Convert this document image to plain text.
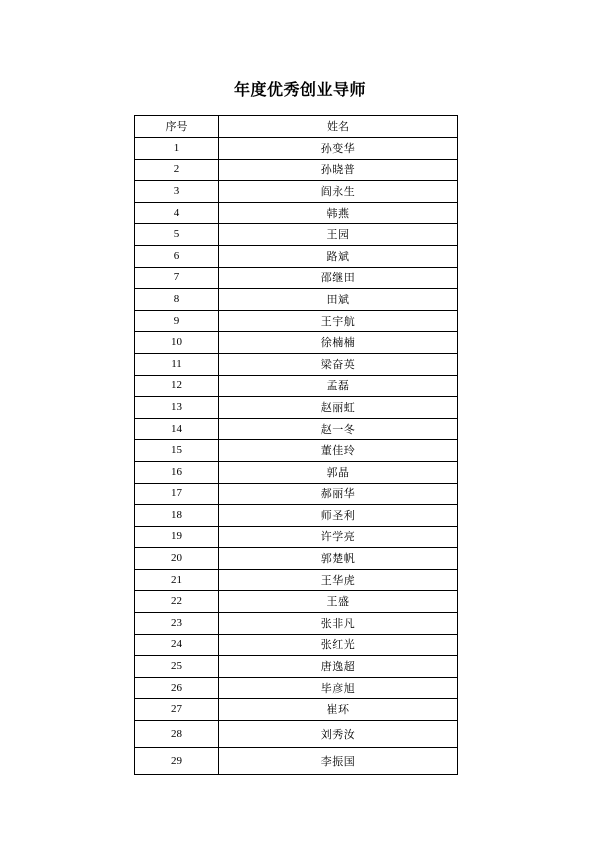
年度优秀创业导师
序号	姓名
1	孙变华
2	孙晓普
3	阎永生
4	韩燕
5	王园
6	路斌
7	邵继田
8	田斌
9	王宇航
10	徐楠楠
11	梁奋英
12	孟磊
13	赵丽虹
14	赵一冬
15	董佳玲
16	郭晶
17	郝丽华
18	师圣利
19	许学亮
20	郭楚帆
21	王华虎
22	王盛
23	张非凡
24	张红光
25	唐逸超
26	毕彦旭
27	崔环
28	刘秀汝
29	李振国
